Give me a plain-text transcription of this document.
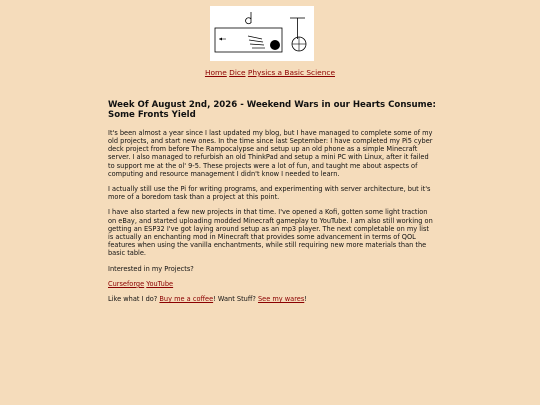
Home Dice Physics a Basic Science
Week Of August 2nd, 2026 - Weekend Wars in our Hearts Consume: Some Fronts Yield

It's been almost a year since I last updated my blog, but I have managed to complete some of my old projects, and start new ones. In the time since last September: I have completed my Pi5 cyber deck project from before The Rampocalypse and setup up an old phone as a simple Minecraft server. I also managed to refurbish an old ThinkPad and setup a mini PC with Linux, after it failed to support me at the ol' 9-5. These projects were a lot of fun, and taught me about aspects of computing and resource management I didn't know I needed to learn.

I actually still use the Pi for writing programs, and experimenting with server architecture, but it's more of a boredom task than a project at this point.

I have also started a few new projects in that time. I've opened a Kofi, gotten some light traction on eBay, and started uploading modded Minecraft gameplay to YouTube. I am also still working on getting an ESP32 I've got laying around setup as an mp3 player. The next completable on my list is actually an enchanting mod in Minecraft that provides some advancement in terms of QOL features when using the vanilla enchantments, while still requiring new more materials than the basic table.

Interested in my Projects?

Curseforge YouTube

Like what I do? Buy me a coffee! Want Stuff? See my wares!
